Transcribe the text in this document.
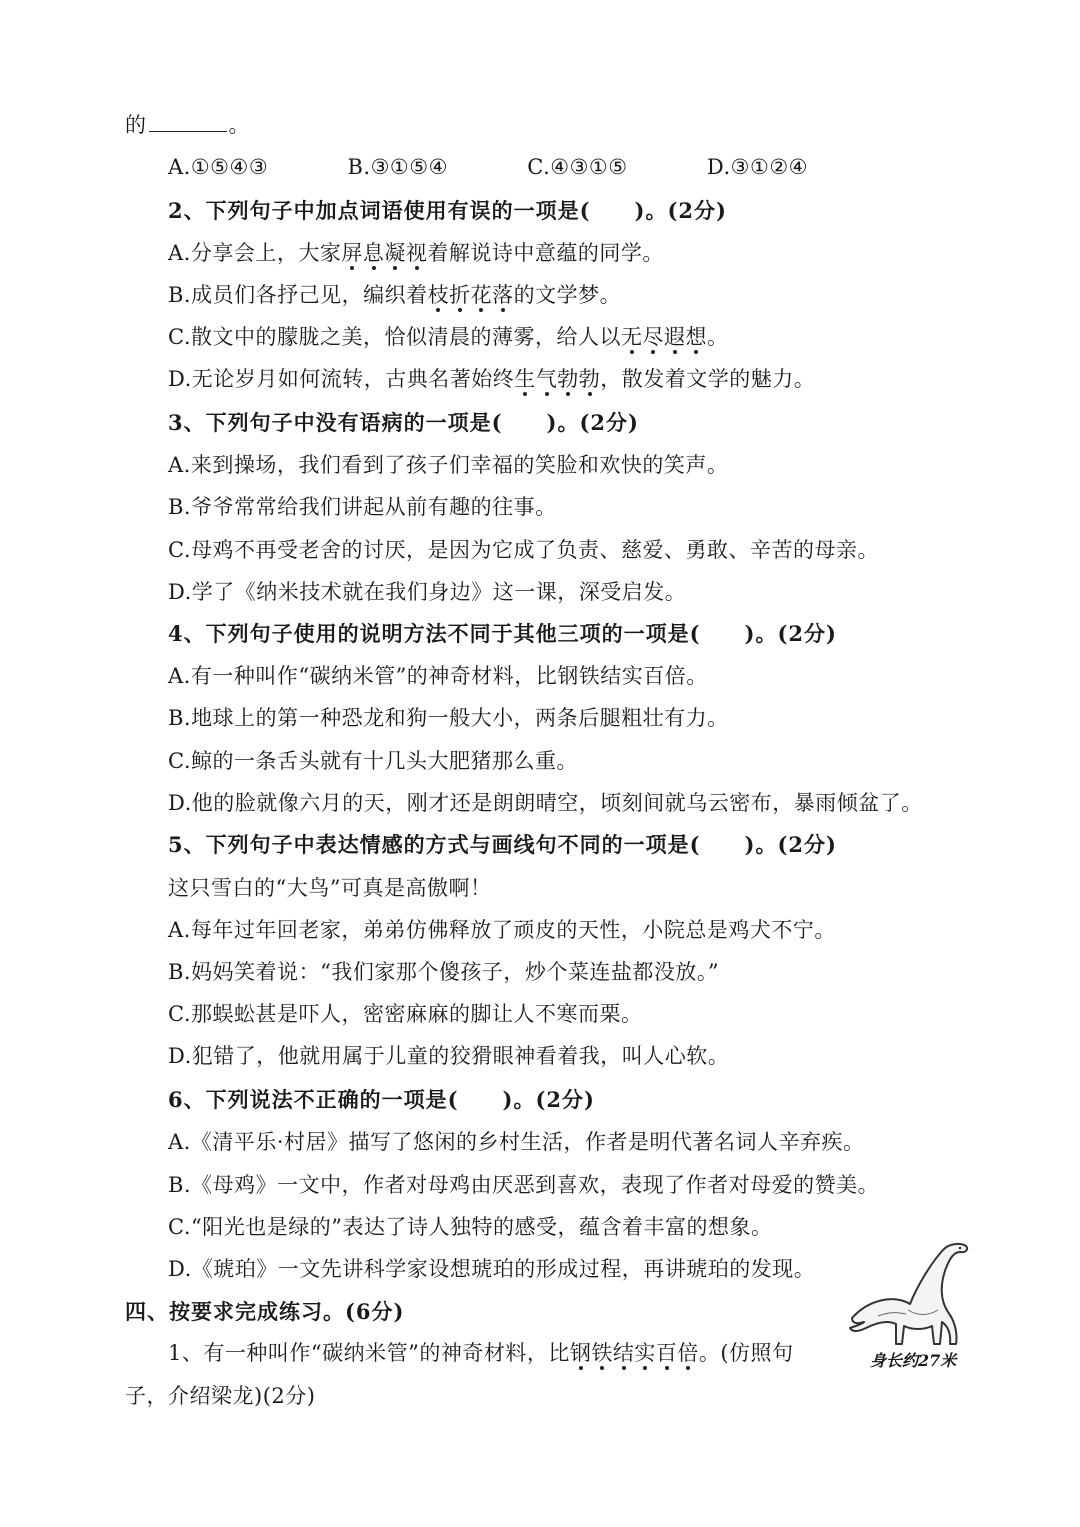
的	。
A.①⑤④③	B.③①⑤④	C.④③①⑤	D.③①②④
2、下列句子中加点词语使用有误的一项是(　　)。(2分)
A.分享会上，大家屏息凝视着解说诗中意蕴的同学。
B.成员们各抒己见，编织着枝折花落的文学梦。
C.散文中的朦胧之美，恰似清晨的薄雾，给人以无尽遐想。
D.无论岁月如何流转，古典名著始终生气勃勃，散发着文学的魅力。
3、下列句子中没有语病的一项是(　　)。(2分)
A.来到操场，我们看到了孩子们幸福的笑脸和欢快的笑声。
B.爷爷常常给我们讲起从前有趣的往事。
C.母鸡不再受老舍的讨厌，是因为它成了负责、慈爱、勇敢、辛苦的母亲。
D.学了《纳米技术就在我们身边》这一课，深受启发。
4、下列句子使用的说明方法不同于其他三项的一项是(　　)。(2分)
A.有一种叫作“碳纳米管”的神奇材料，比钢铁结实百倍。
B.地球上的第一种恐龙和狗一般大小，两条后腿粗壮有力。
C.鲸的一条舌头就有十几头大肥猪那么重。
D.他的脸就像六月的天，刚才还是朗朗晴空，顷刻间就乌云密布，暴雨倾盆了。
5、下列句子中表达情感的方式与画线句不同的一项是(　　)。(2分)
这只雪白的“大鸟”可真是高傲啊！
A.每年过年回老家，弟弟仿佛释放了顽皮的天性，小院总是鸡犬不宁。
B.妈妈笑着说：“我们家那个傻孩子，炒个菜连盐都没放。”
C.那蜈蚣甚是吓人，密密麻麻的脚让人不寒而栗。
D.犯错了，他就用属于儿童的狡猾眼神看着我，叫人心软。
6、下列说法不正确的一项是(　　)。(2分)
A.《清平乐·村居》描写了悠闲的乡村生活，作者是明代著名词人辛弃疾。
B.《母鸡》一文中，作者对母鸡由厌恶到喜欢，表现了作者对母爱的赞美。
C.“阳光也是绿的”表达了诗人独特的感受，蕴含着丰富的想象。
D.《琥珀》一文先讲科学家设想琥珀的形成过程，再讲琥珀的发现。
四、按要求完成练习。(6分)
1、有一种叫作“碳纳米管”的神奇材料，比钢铁结实百倍。(仿照句
子，介绍梁龙)(2分)
身长约27米
